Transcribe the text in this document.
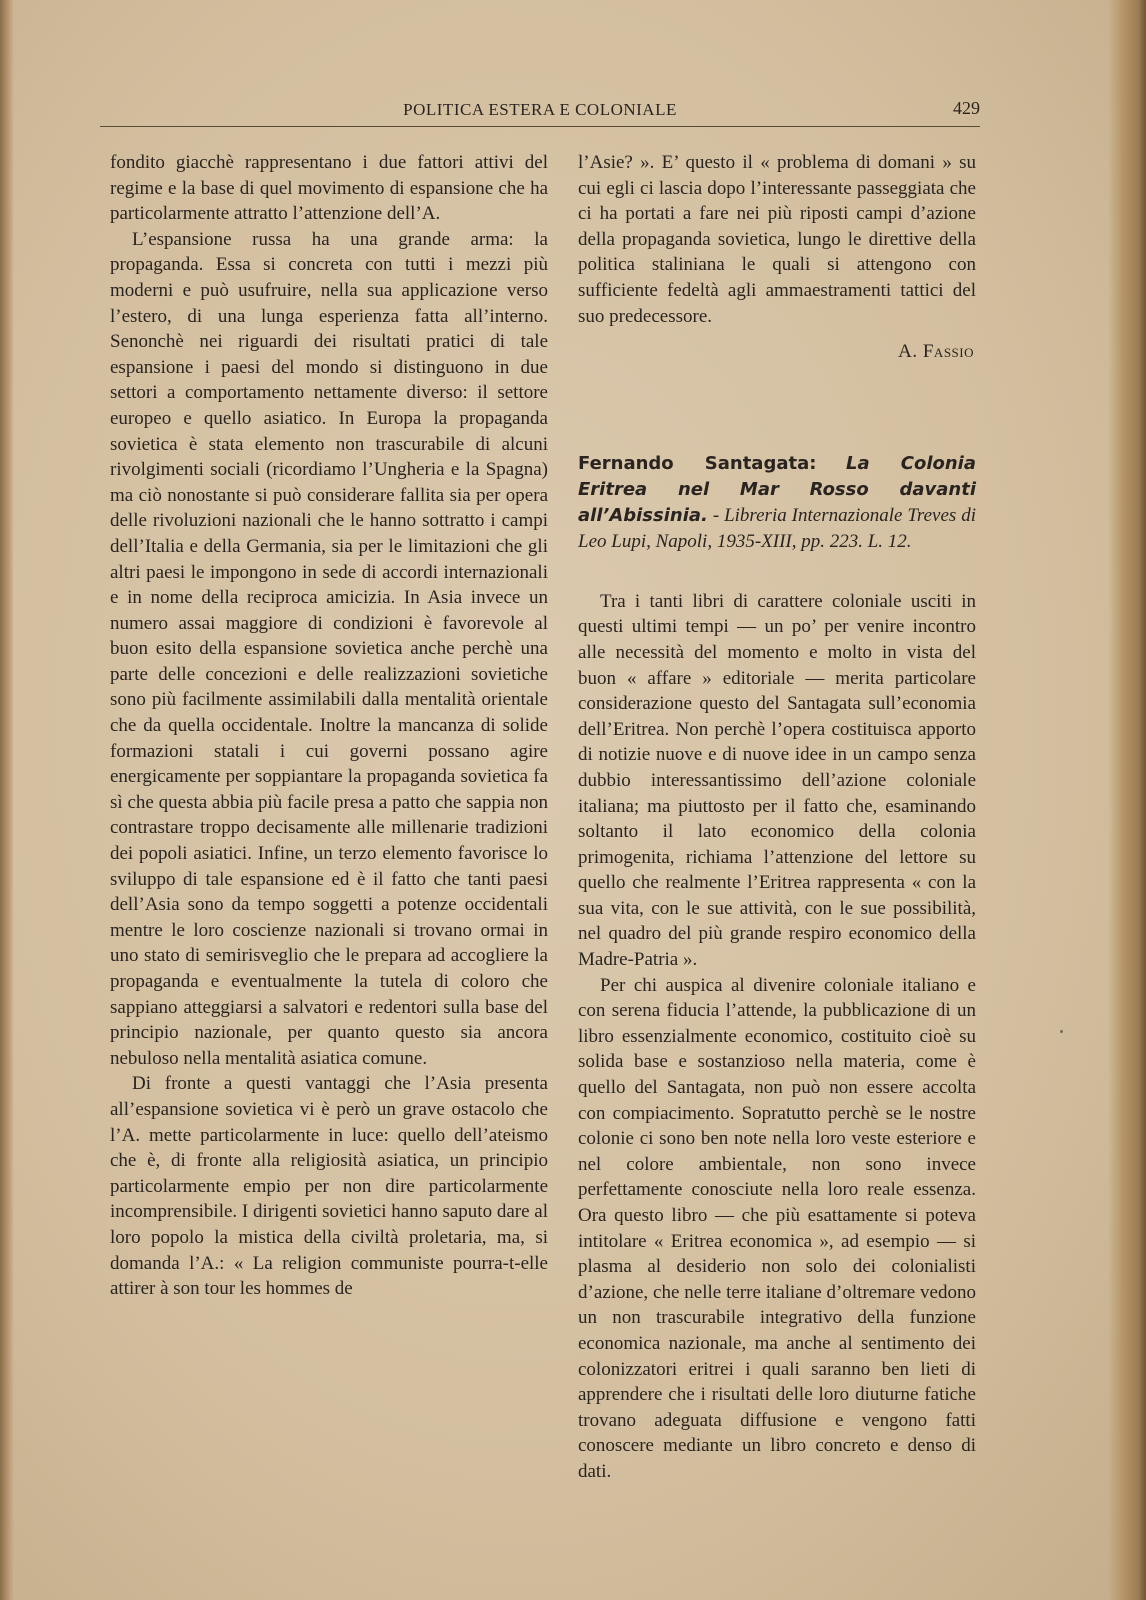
POLITICA ESTERA E COLONIALE	429

fondito giacchè rappresentano i due fattori attivi del regime e la base di quel movimento di espansione che ha particolarmente attratto l’attenzione dell’A.

L’espansione russa ha una grande arma: la propaganda. Essa si concreta con tutti i mezzi più moderni e può usufruire, nella sua applicazione verso l’estero, di una lunga esperienza fatta all’interno. Senonchè nei riguardi dei risultati pratici di tale espansione i paesi del mondo si distinguono in due settori a comportamento nettamente diverso: il settore europeo e quello asiatico. In Europa la propaganda sovietica è stata elemento non trascurabile di alcuni rivolgimenti sociali (ricordiamo l’Ungheria e la Spagna) ma ciò nonostante si può considerare fallita sia per opera delle rivoluzioni nazionali che le hanno sottratto i campi dell’Italia e della Germania, sia per le limitazioni che gli altri paesi le impongono in sede di accordi internazionali e in nome della reciproca amicizia. In Asia invece un numero assai maggiore di condizioni è favorevole al buon esito della espansione sovietica anche perchè una parte delle concezioni e delle realizzazioni sovietiche sono più facilmente assimilabili dalla mentalità orientale che da quella occidentale. Inoltre la mancanza di solide formazioni statali i cui governi possano agire energicamente per soppiantare la propaganda sovietica fa sì che questa abbia più facile presa a patto che sappia non contrastare troppo decisamente alle millenarie tradizioni dei popoli asiatici. Infine, un terzo elemento favorisce lo sviluppo di tale espansione ed è il fatto che tanti paesi dell’Asia sono da tempo soggetti a potenze occidentali mentre le loro coscienze nazionali si trovano ormai in uno stato di semirisveglio che le prepara ad accogliere la propaganda e eventualmente la tutela di coloro che sappiano atteggiarsi a salvatori e redentori sulla base del principio nazionale, per quanto questo sia ancora nebuloso nella mentalità asiatica comune.

Di fronte a questi vantaggi che l’Asia presenta all’espansione sovietica vi è però un grave ostacolo che l’A. mette particolarmente in luce: quello dell’ateismo che è, di fronte alla religiosità asiatica, un principio particolarmente empio per non dire particolarmente incomprensibile. I dirigenti sovietici hanno saputo dare al loro popolo la mistica della civiltà proletaria, ma, si domanda l’A.: « La religion communiste pourra-t-elle attirer à son tour les hommes de

l’Asie? ». E’ questo il « problema di domani » su cui egli ci lascia dopo l’interessante passeggiata che ci ha portati a fare nei più riposti campi d’azione della propaganda sovietica, lungo le direttive della politica staliniana le quali si attengono con sufficiente fedeltà agli ammaestramenti tattici del suo predecessore.

A. Fassio
Fernando Santagata: La Colonia Eritrea nel Mar Rosso davanti all’Abissinia. - Libreria Internazionale Treves di Leo Lupi, Napoli, 1935-XIII, pp. 223. L. 12.

Tra i tanti libri di carattere coloniale usciti in questi ultimi tempi — un po’ per venire incontro alle necessità del momento e molto in vista del buon « affare » editoriale — merita particolare considerazione questo del Santagata sull’economia dell’Eritrea. Non perchè l’opera costituisca apporto di notizie nuove e di nuove idee in un campo senza dubbio interessantissimo dell’azione coloniale italiana; ma piuttosto per il fatto che, esaminando soltanto il lato economico della colonia primogenita, richiama l’attenzione del lettore su quello che realmente l’Eritrea rappresenta « con la sua vita, con le sue attività, con le sue possibilità, nel quadro del più grande respiro economico della Madre-Patria ».

Per chi auspica al divenire coloniale italiano e con serena fiducia l’attende, la pubblicazione di un libro essenzialmente economico, costituito cioè su solida base e sostanzioso nella materia, come è quello del Santagata, non può non essere accolta con compiacimento. Sopratutto perchè se le nostre colonie ci sono ben note nella loro veste esteriore e nel colore ambientale, non sono invece perfettamente conosciute nella loro reale essenza. Ora questo libro — che più esattamente si poteva intitolare « Eritrea economica », ad esempio — si plasma al desiderio non solo dei colonialisti d’azione, che nelle terre italiane d’oltremare vedono un non trascurabile integrativo della funzione economica nazionale, ma anche al sentimento dei colonizzatori eritrei i quali saranno ben lieti di apprendere che i risultati delle loro diuturne fatiche trovano adeguata diffusione e vengono fatti conoscere mediante un libro concreto e denso di dati.
